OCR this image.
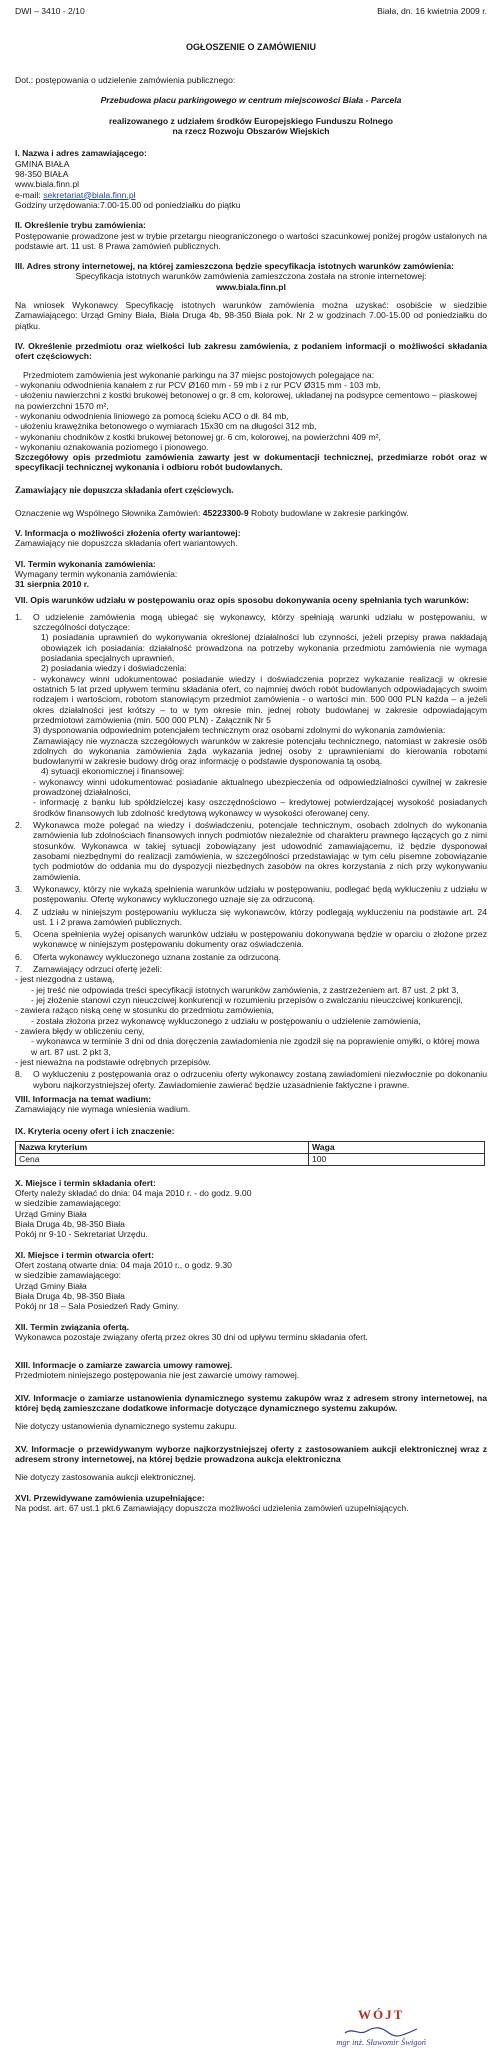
DWI – 3410 - 2/10	Biała, dn. 16 kwietnia 2009 r.
OGŁOSZENIE O ZAMÓWIENIU

Dot.: postępowania o udzielenie zamówienia publicznego:

Przebudowa placu parkingowego w centrum miejscowości Biała - Parcela

realizowanego z udziałem środków Europejskiego Funduszu Rolnego

na rzecz Rozwoju Obszarów Wiejskich

I. Nazwa i adres zamawiającego:

GMINA BIAŁA

98-350 BIAŁA

www.biala.finn.pl

e-mail: sekretariat@biala.finn.pl

Godziny urzędowania:7.00-15.00 od poniedziałku do piątku

II. Określenie trybu zamówienia:

Postępowanie prowadzone jest w trybie przetargu nieograniczonego o wartości szacunkowej poniżej progów ustalonych na podstawie art. 11 ust. 8 Prawa zamówień publicznych.

III. Adres strony internetowej, na której zamieszczona będzie specyfikacja istotnych warunków zamówienia:

Specyfikacja istotnych warunków zamówienia zamieszczona została na stronie internetowej:

www.biala.finn.pl

Na wniosek Wykonawcy Specyfikację istotnych warunków zamówienia można uzyskać: osobiście w siedzibie Zamawiającego: Urząd Gminy Biała, Biała Druga 4b, 98-350 Biała pok. Nr 2 w godzinach 7.00-15.00 od poniedziałku do piątku.

IV. Określenie przedmiotu oraz wielkości lub zakresu zamówienia, z podaniem informacji o możliwości składania ofert częściowych:

Przedmiotem zamówienia jest wykonanie parkingu na 37 miejsc postojowych polegające na:

- wykonaniu odwodnienia kanałem z rur PCV Ø160 mm - 59 mb i z rur PCV Ø315 mm - 103 mb,

- ułożeniu nawierzchni z kostki brukowej betonowej o gr. 8 cm, kolorowej, układanej na podsypce cementowo – piaskowej na powierzchni 1570 m²,

- wykonaniu odwodnienia liniowego za pomocą ścieku ACO o dł. 84 mb,

- ułożeniu krawężnika betonowego o wymiarach 15x30 cm na długości 312 mb,

- wykonaniu chodników z kostki brukowej betonowej gr. 6 cm, kolorowej, na powierzchni 409 m²,

- wykonaniu oznakowania poziomego i pionowego.

Szczegółowy opis przedmiotu zamówienia zawarty jest w dokumentacji technicznej, przedmiarze robót oraz w specyfikacji technicznej wykonania i odbioru robót budowlanych.

Zamawiający nie dopuszcza składania ofert częściowych.

Oznaczenie wg Wspólnego Słownika Zamówień: 45223300-9 Roboty budowlane w zakresie parkingów.

V. Informacja o możliwości złożenia oferty wariantowej:

Zamawiający nie dopuszcza składania ofert wariantowych.

VI. Termin wykonania zamówienia:

Wymagany termin wykonania zamówienia:

31 sierpnia 2010 r.

VII. Opis warunków udziału w postępowaniu oraz opis sposobu dokonywania oceny spełniania tych warunków:

1.	O udzielenie zamówienia mogą ubiegać się wykonawcy, którzy spełniają warunki udziału w postępowaniu, w szczególności dotyczące:

1) posiadania uprawnień do wykonywania określonej działalności lub czynności, jeżeli przepisy prawa nakładają obowiązek ich posiadania: działalność prowadzona na potrzeby wykonania przedmiotu zamówienia nie wymaga posiadania specjalnych uprawnień,

2) posiadania wiedzy i doświadczenia:

- wykonawcy winni udokumentować posiadanie wiedzy i doświadczenia poprzez wykazanie realizacji w okresie ostatnich 5 lat przed upływem terminu składania ofert, co najmniej dwóch robót budowlanych odpowiadających swoim rodzajem i wartościom, robotom stanowiącym przedmiot zamówienia - o wartości min. 500 000 PLN każda – a jeżeli okres działalności jest krótszy – to w tym okresie min. jednej roboty budowlanej w zakresie odpowiadającym przedmiotowi zamówienia (min. 500 000 PLN) - Załącznik Nr 5

3) dysponowania odpowiednim potencjałem technicznym oraz osobami zdolnymi do wykonania zamówienia:

Zamawiający nie wyznacza szczegółowych warunków w zakresie potencjału technicznego, natomiast w zakresie osób zdolnych do wykonania zamówienia żąda wykazania jednej osoby z uprawnieniami do kierowania robotami budowlanymi w zakresie budowy dróg oraz informację o podstawie dysponowania tą osobą.

4) sytuacji ekonomicznej i finansowej:

- wykonawcy winni udokumentować posiadanie aktualnego ubezpieczenia od odpowiedzialności cywilnej w zakresie prowadzonej działalności,

- informację z banku lub spółdzielczej kasy oszczędnościowo – kredytowej potwierdzającej wysokość posiadanych środków finansowych lub zdolność kredytową wykonawcy w wysokości oferowanej ceny.

2.	Wykonawca może polegać na wiedzy i doświadczeniu, potencjale technicznym, osobach zdolnych do wykonania zamówienia lub zdolnościach finansowych innych podmiotów niezależnie od charakteru prawnego łączących go z nimi stosunków. Wykonawca w takiej sytuacji zobowiązany jest udowodnić zamawiającemu, iż będzie dysponował zasobami niezbędnymi do realizacji zamówienia, w szczególności przedstawiając w tym celu pisemne zobowiązanie tych podmiotów do oddania mu do dyspozycji niezbędnych zasobów na okres korzystania z nich przy wykonywaniu zamówienia.

3.	Wykonawcy, którzy nie wykażą spełnienia warunków udziału w postępowaniu, podlegać będą wykluczeniu z udziału w postępowaniu. Ofertę wykonawcy wykluczonego uznaje się za odrzuconą.

4.	Z udziału w niniejszym postępowaniu wyklucza się wykonawców, którzy podlegają wykluczeniu na podstawie art. 24 ust. 1 i 2 prawa zamówień publicznych.

5.	Ocena spełnienia wyżej opisanych warunków udziału w postępowaniu dokonywana będzie w oparciu o złożone przez wykonawcę w niniejszym postępowaniu dokumenty oraz oświadczenia.

6.	Oferta wykonawcy wykluczonego uznana zostanie za odrzuconą.

7.	Zamawiający odrzuci ofertę jeżeli:

- jest niezgodna z ustawą,

- jej treść nie odpowiada treści specyfikacji istotnych warunków zamówienia, z zastrzeżeniem art. 87 ust. 2 pkt 3,

- jej złożenie stanowi czyn nieuczciwej konkurencji w rozumieniu przepisów o zwalczaniu nieuczciwej konkurencji,

- zawiera rażąco niską cenę w stosunku do przedmiotu zamówienia,

- została złożona przez wykonawcę wykluczonego z udziału w postępowaniu o udzielenie zamówienia,

- zawiera błędy w obliczeniu ceny,

- wykonawca w terminie 3 dni od dnia doręczenia zawiadomienia nie zgodził się na poprawienie omyłki, o której mowa w art. 87 ust. 2 pkt 3,

- jest nieważna na podstawie odrębnych przepisów.

8.	O wykluczeniu z postępowania oraz o odrzuceniu oferty wykonawcy zostaną zawiadomieni niezwłocznie po dokonaniu wyboru najkorzystniejszej oferty. Zawiadomienie zawierać będzie uzasadnienie faktyczne i prawne.

VIII. Informacja na temat wadium:

Zamawiający nie wymaga wniesienia wadium.

IX. Kryteria oceny ofert i ich znaczenie:

Nazwa kryterium	Waga
Cena	100

X. Miejsce i termin składania ofert:

Oferty należy składać do dnia: 04 maja 2010 r. - do godz. 9.00

w siedzibie zamawiającego:

Urząd Gminy Biała

Biała Druga 4b, 98-350 Biała

Pokój nr 9-10 - Sekretariat Urzędu.

XI. Miejsce i termin otwarcia ofert:

Ofert zostaną otwarte dnia: 04 maja 2010 r., o godz. 9.30

w siedzibie zamawiającego:

Urząd Gminy Biała

Biała Druga 4b, 98-350 Biała

Pokój nr 18 – Sala Posiedzeń Rady Gminy.

XII. Termin związania ofertą.

Wykonawca pozostaje związany ofertą przez okres 30 dni od upływu terminu składania ofert.

XIII. Informacje o zamiarze zawarcia umowy ramowej.

Przedmiotem niniejszego postępowania nie jest zawarcie umowy ramowej.

XIV. Informacje o zamiarze ustanowienia dynamicznego systemu zakupów wraz z adresem strony internetowej, na której będą zamieszczane dodatkowe informacje dotyczące dynamicznego systemu zakupów.

Nie dotyczy ustanowienia dynamicznego systemu zakupu.

XV. Informacje o przewidywanym wyborze najkorzystniejszej oferty z zastosowaniem aukcji elektronicznej wraz z adresem strony internetowej, na której będzie prowadzona aukcja elektroniczna

Nie dotyczy zastosowania aukcji elektronicznej.

XVI. Przewidywane zamówienia uzupełniające:

Na podst. art. 67 ust.1 pkt.6 Zamawiający dopuszcza możliwości udzielenia zamówień uzupełniających.

WÓJT
mgr inż. Sławomir Świgoń
